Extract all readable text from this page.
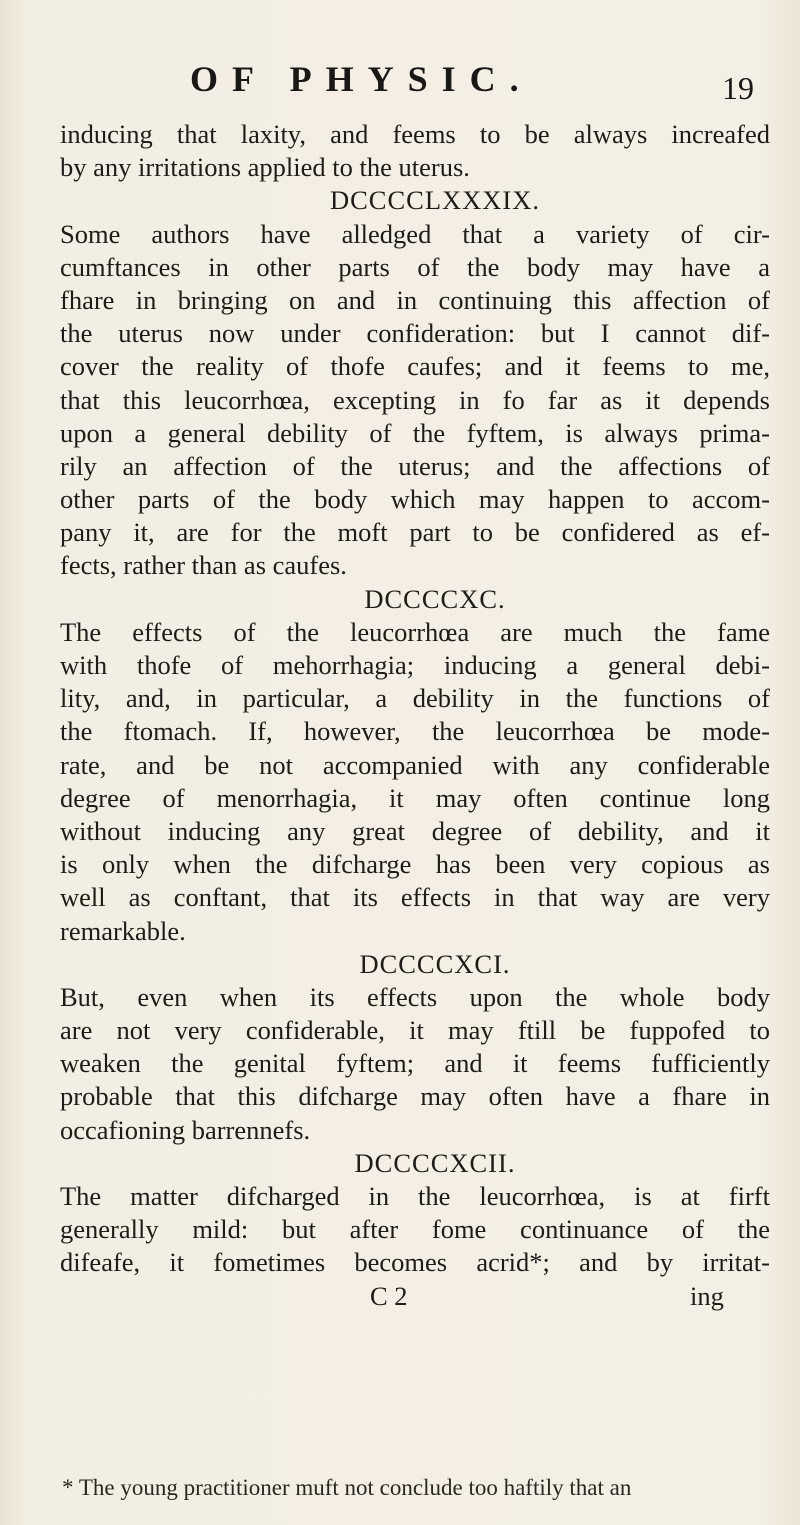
OF PHYSIC.	19
inducing that laxity, and feems to be always increafed
by any irritations applied to the uterus.
DCCCCLXXXIX.
Some authors have alledged that a variety of cir-
cumftances in other parts of the body may have a
fhare in bringing on and in continuing this affection of
the uterus now under confideration: but I cannot dif-
cover the reality of thofe caufes; and it feems to me,
that this leucorrhœa, excepting in fo far as it depends
upon a general debility of the fyftem, is always prima-
rily an affection of the uterus; and the affections of
other parts of the body which may happen to accom-
pany it, are for the moft part to be confidered as ef-
fects, rather than as caufes.
DCCCCXC.
The effects of the leucorrhœa are much the fame
with thofe of mehorrhagia; inducing a general debi-
lity, and, in particular, a debility in the functions of
the ftomach. If, however, the leucorrhœa be mode-
rate, and be not accompanied with any confiderable
degree of menorrhagia, it may often continue long
without inducing any great degree of debility, and it
is only when the difcharge has been very copious as
well as conftant, that its effects in that way are very
remarkable.
DCCCCXCI.
But, even when its effects upon the whole body
are not very confiderable, it may ftill be fuppofed to
weaken the genital fyftem; and it feems fufficiently
probable that this difcharge may often have a fhare in
occafioning barrennefs.
DCCCCXCII.
The matter difcharged in the leucorrhœa, is at firft
generally mild: but after fome continuance of the
difeafe, it fometimes becomes acrid*; and by irritat-
C 2	ing
* The young practitioner muft not conclude too haftily that an
